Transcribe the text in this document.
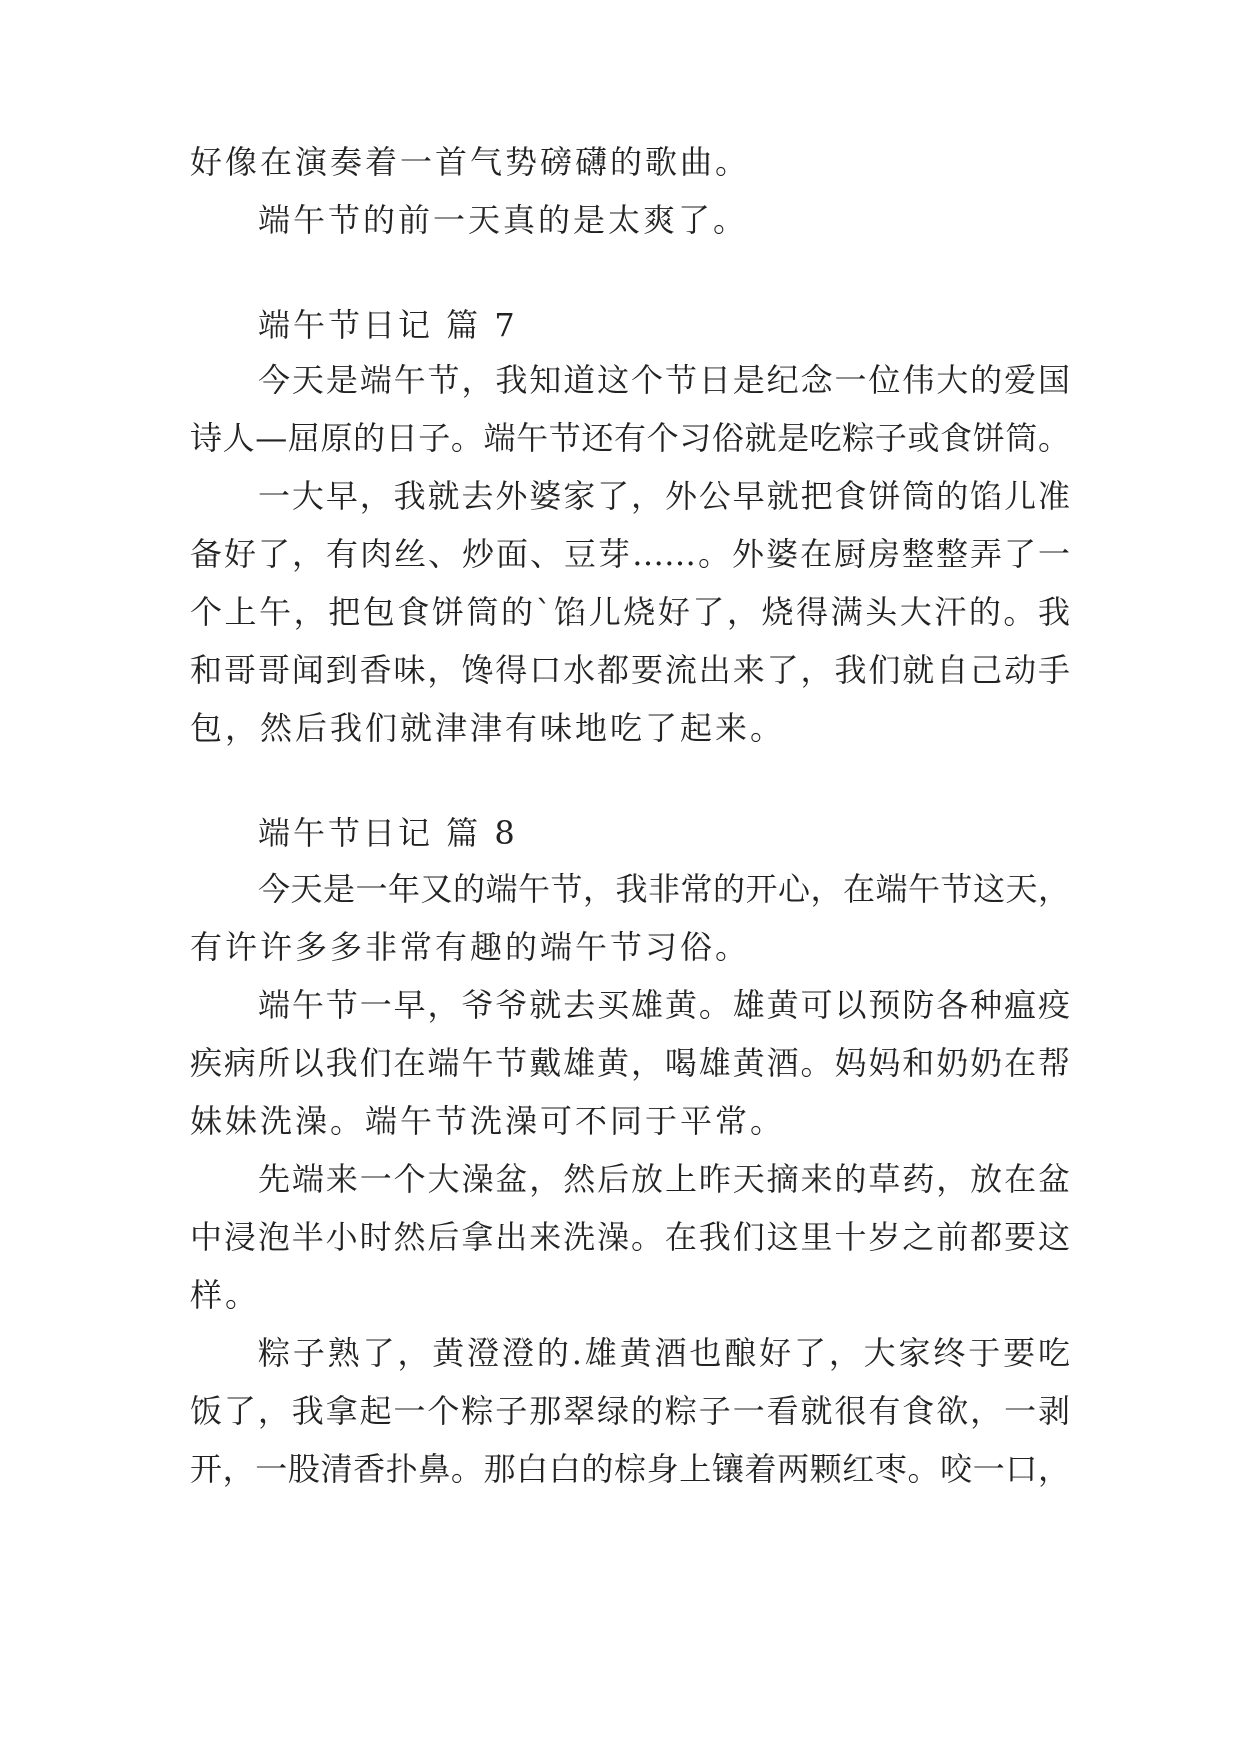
好像在演奏着一首气势磅礴的歌曲。
端午节的前一天真的是太爽了。
端午节日记 篇 7
今天是端午节，我知道这个节日是纪念一位伟大的爱国
诗人—屈原的日子。端午节还有个习俗就是吃粽子或食饼筒。
一大早，我就去外婆家了，外公早就把食饼筒的馅儿准
备好了，有肉丝、炒面、豆芽……。外婆在厨房整整弄了一
个上午，把包食饼筒的`馅儿烧好了，烧得满头大汗的。我
和哥哥闻到香味，馋得口水都要流出来了，我们就自己动手
包，然后我们就津津有味地吃了起来。
端午节日记 篇 8
今天是一年又的端午节，我非常的开心，在端午节这天，
有许许多多非常有趣的端午节习俗。
端午节一早，爷爷就去买雄黄。雄黄可以预防各种瘟疫
疾病所以我们在端午节戴雄黄，喝雄黄酒。妈妈和奶奶在帮
妹妹洗澡。端午节洗澡可不同于平常。
先端来一个大澡盆，然后放上昨天摘来的草药，放在盆
中浸泡半小时然后拿出来洗澡。在我们这里十岁之前都要这
样。
粽子熟了，黄澄澄的.雄黄酒也酿好了，大家终于要吃
饭了，我拿起一个粽子那翠绿的粽子一看就很有食欲，一剥
开，一股清香扑鼻。那白白的棕身上镶着两颗红枣。咬一口，
